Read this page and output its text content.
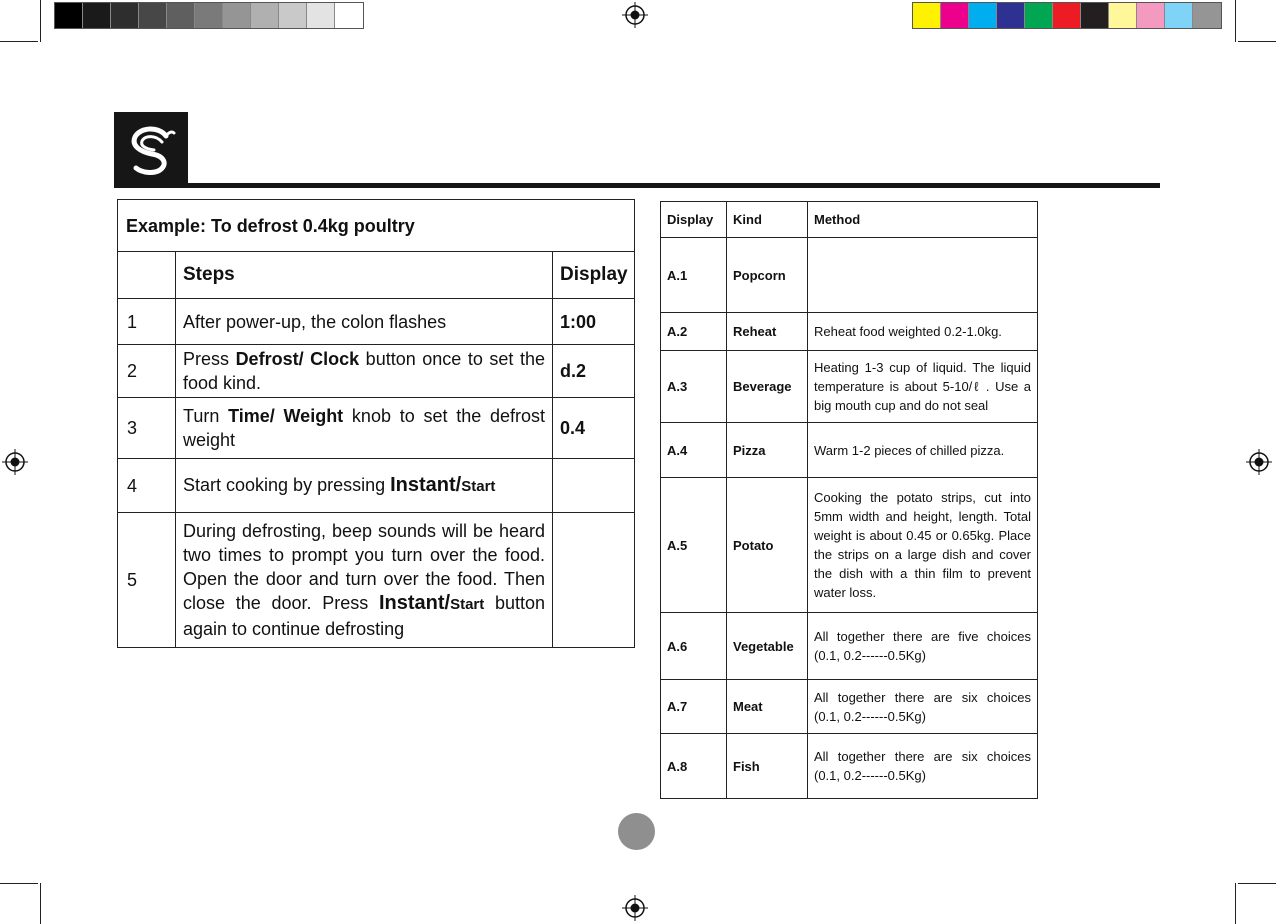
Example: To defrost 0.4kg poultry		
	Steps	Display
1	After power-up, the colon flashes	1:00
2	Press Defrost/ Clock button once to set the food kind.	d.2
3	Turn Time/ Weight knob to set the defrost weight	0.4
4	Start cooking by pressing Instant/Start	
5	During defrosting, beep sounds will be heard two times to prompt you turn over the food. Open the door and turn over the food. Then close the door. Press Instant/Start button again to continue defrosting	
Display	Kind	Method
A.1	Popcorn	
A.2	Reheat	Reheat food weighted 0.2-1.0kg.
A.3	Beverage	Heating 1-3 cup of liquid. The liquid temperature is about 5-10/ℓ . Use a big mouth cup and do not seal
A.4	Pizza	Warm 1-2 pieces of chilled pizza.
A.5	Potato	Cooking the potato strips, cut into 5mm width and height, length. Total weight is about 0.45 or 0.65kg. Place the strips on a large dish and cover the dish with a thin film to prevent water loss.
A.6	Vegetable	All together there are five choices (0.1, 0.2------0.5Kg)
A.7	Meat	All together there are six choices (0.1, 0.2------0.5Kg)
A.8	Fish	All together there are six choices (0.1, 0.2------0.5Kg)
